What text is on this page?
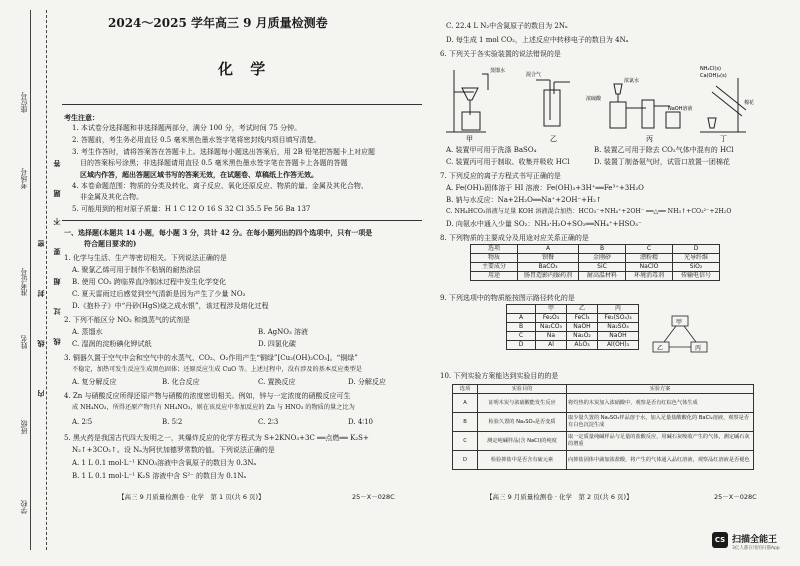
座位号
考场号
准考证号
姓名
班级
学校
答
题
不
要
超
过
线
密
封
线
内
2024～2025 学年高三 9 月质量检测卷
化 学
考生注意：
1. 本试卷分选择题和非选择题两部分，满分 100 分，考试时间 75 分钟。
2. 答题前，考生务必用直径 0.5 毫米黑色墨水签字笔将密封线内项目填写清楚。
3. 考生作答时，请将答案答在答题卡上。选择题每小题选出答案后，用 2B 铅笔把答题卡上对应题
目的答案标号涂黑；非选择题请用直径 0.5 毫米黑色墨水签字笔在答题卡上各题的答题
区域内作答，超出答题区域书写的答案无效，在试题卷、草稿纸上作答无效。
4. 本卷命题范围：物质的分类及转化、离子反应、氧化还原反应、物质的量、金属及其化合物、
非金属及其化合物。
5. 可能用到的相对原子质量：H 1 C 12 O 16 S 32 Cl 35.5 Fe 56 Ba 137
一、选择题(本题共 14 小题，每小题 3 分，共计 42 分。在每小题列出的四个选项中，只有一项是
符合题目要求的)
1. 化学与生活、生产等密切相关。下列说法正确的是
A. 聚氯乙烯可用于制作不粘锅的耐热涂层
B. 使用 CO₂ 跨临界直冷制冰过程中发生化学变化
C. 夏天雷雨过后感觉到空气清新是因为产生了少量 NO₂
D.《抱朴子》中“丹砂(HgS)烧之成水银”，该过程涉及熔化过程
2. 下列不能区分 NO₂ 和溴蒸气的试剂是
A. 蒸馏水	B. AgNO₃ 溶液
C. 湿润的淀粉碘化钾试纸	D. 四氯化碳
3. 铜器久置于空气中会和空气中的水蒸气、CO₂、O₂作用产生“铜绿”[Cu₂(OH)₂CO₃]。“铜绿”
不稳定，加热可发生反应生成黑色固体；还原反应生成 CuO 等。上述过程中，没有涉及的基本反应类型是
A. 复分解反应	B. 化合反应	C. 置换反应	D. 分解反应
4. Zn 与硝酸反应所得还原产物与硝酸的浓度密切相关。例如，锌与一定浓度的硝酸反应可生
成 NH₄NO₃，所得还原产物只有 NH₄NO₃，则在该反应中参加反应的 Zn 与 HNO₃ 的物质的量之比为
A. 2∶5	B. 5∶2	C. 2∶3	D. 4∶10
5. 黑火药是我国古代四大发明之一，其爆炸反应的化学方程式为 S+2KNO₃+3C ══点燃══ K₂S+
N₂↑+3CO₂↑。设 Nₐ为阿伏加德罗常数的值。下列说法正确的是
A. 1 L 0.1 mol·L⁻¹ KNO₃溶液中含氧原子的数目为 0.3Nₐ
B. 1 L 0.1 mol·L⁻¹ K₂S 溶液中含 S²⁻ 的数目为 0.1Nₐ
【高三 9 月质量检测卷 · 化学　第 1 页(共 6 页)】	25－X－028C
C. 22.4 L N₂中含氮原子的数目为 2Nₐ
D. 每生成 1 mol CO₂，上述反应中转移电子的数目为 4Nₐ
6. 下列关于各实验装置的说法错误的是
甲	乙	丙	丁
蒸馏水
混合气
浓氯水
NaOH溶液
棉花
NH₄Cl(s)
Ca(OH)₂(s)
浓硫酸
A. 装置甲可用于洗涤 BaSO₄	B. 装置乙可用于除去 CO₂气体中混有的 HCl
C. 装置丙可用于制取、收集并吸收 HCl	D. 装置丁制备氨气时，试管口放置一团棉花
7. 下列反应的离子方程式书写正确的是
A. Fe(OH)₃固体溶于 HI 溶液：Fe(OH)₃+3H⁺══Fe³⁺+3H₂O
B. 钠与水反应：Na+2H₂O══Na⁺+2OH⁻+H₂↑
C. NH₄HCO₃溶液与足量 KOH 溶液混合加热：HCO₃⁻+NH₄⁺+2OH⁻ ══△══ NH₃↑+CO₃²⁻+2H₂O
D. 向氨水中通入少量 SO₂：NH₃·H₂O+SO₂══NH₄⁺+HSO₃⁻
8. 下列物质的主要成分及用途对应关系正确的是
选项	A	B	C	D
物质	钡餐	金刚砂	漂粉精	光导纤维
主要成分	BaCO₃	SiC	NaClO	SiO₂
用途	肠胃造影内服药剂	耐高温材料	环境消毒剂	传输电信号
9. 下列选项中的物质能按图示路径转化的是
	甲	乙	丙
A	Fe₂O₃	FeCl₃	Fe₂(SO₄)₃
B	Na₂CO₃	NaOH	Na₂SO₄
C	Na	Na₂O₂	NaOH
D	Al	Al₂O₃	Al(OH)₃
甲
乙	丙
10. 下列实验方案能达到实验目的的是
选项	实验目的	实验方案
A	证明木炭与浓硝酸能发生反应	将灼热的木炭加入浓硝酸中，观察是否有红棕色气体生成
B	检验久置的 Na₂SO₃是否变质	取少量久置的 Na₂SO₃样品溶于水，加入足量盐酸酸化的 BaCl₂溶液，观察是否有白色沉淀生成
C	测定纯碱样品(含 NaCl)的纯度	取一定质量纯碱样品与足量的盐酸反应，用碱石灰吸收产生的气体，测定碱石灰的增重
D	检验抑盐中是否含有硫元素	向抑盐固体中滴加浓盐酸，将产生的气体通入品红溶液，观察品红溶液是否褪色
【高三 9 月质量检测卷 · 化学　第 2 页(共 6 页)】	25－X－028C
CS 扫描全能王
3亿人都在用的扫描App
